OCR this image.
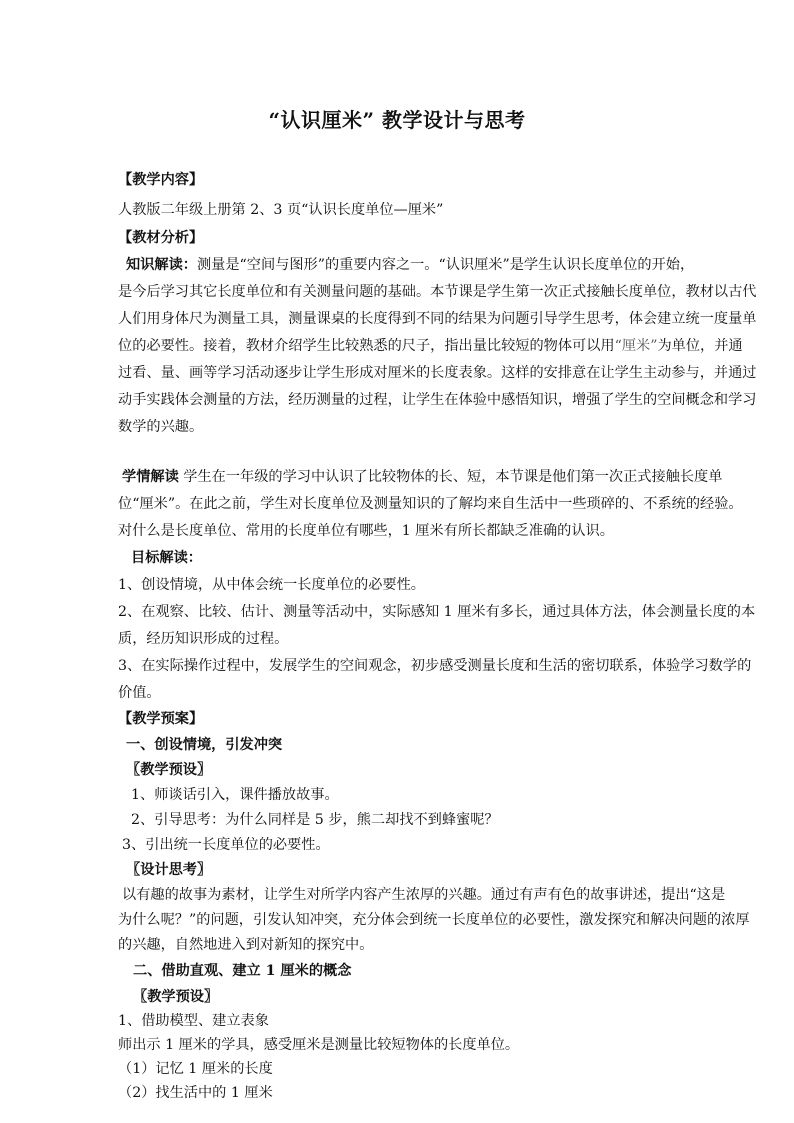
“认识厘米” 教学设计与思考
【教学内容】
人教版二年级上册第 2、3 页“认识长度单位—厘米”
【教材分析】
知识解读：测量是“空间与图形”的重要内容之一。“认识厘米”是学生认识长度单位的开始，
是今后学习其它长度单位和有关测量问题的基础。本节课是学生第一次正式接触长度单位，教材以古代
人们用身体尺为测量工具，测量课桌的长度得到不同的结果为问题引导学生思考，体会建立统一度量单
位的必要性。接着，教材介绍学生比较熟悉的尺子，指出量比较短的物体可以用“厘米”为单位，并通
过看、量、画等学习活动逐步让学生形成对厘米的长度表象。这样的安排意在让学生主动参与，并通过
动手实践体会测量的方法，经历测量的过程，让学生在体验中感悟知识，增强了学生的空间概念和学习
数学的兴趣。
学情解读 学生在一年级的学习中认识了比较物体的长、短，本节课是他们第一次正式接触长度单
位“厘米”。在此之前，学生对长度单位及测量知识的了解均来自生活中一些琐碎的、不系统的经验。
对什么是长度单位、常用的长度单位有哪些，1 厘米有所长都缺乏准确的认识。
目标解读：
1、创设情境，从中体会统一长度单位的必要性。
2、在观察、比较、估计、测量等活动中，实际感知 1 厘米有多长，通过具体方法，体会测量长度的本
质，经历知识形成的过程。
3、在实际操作过程中，发展学生的空间观念，初步感受测量长度和生活的密切联系，体验学习数学的
价值。
【教学预案】
一、创设情境，引发冲突
〖教学预设〗
1、师谈话引入，课件播放故事。
2、引导思考：为什么同样是 5 步，熊二却找不到蜂蜜呢？
3、引出统一长度单位的必要性。
〖设计思考〗
以有趣的故事为素材，让学生对所学内容产生浓厚的兴趣。通过有声有色的故事讲述，提出“这是
为什么呢？”的问题，引发认知冲突，充分体会到统一长度单位的必要性，激发探究和解决问题的浓厚
的兴趣，自然地进入到对新知的探究中。
二、借助直观、建立 1 厘米的概念
〖教学预设〗
1、借助模型、建立表象
师出示 1 厘米的学具，感受厘米是测量比较短物体的长度单位。
（1）记忆 1 厘米的长度
（2）找生活中的 1 厘米
